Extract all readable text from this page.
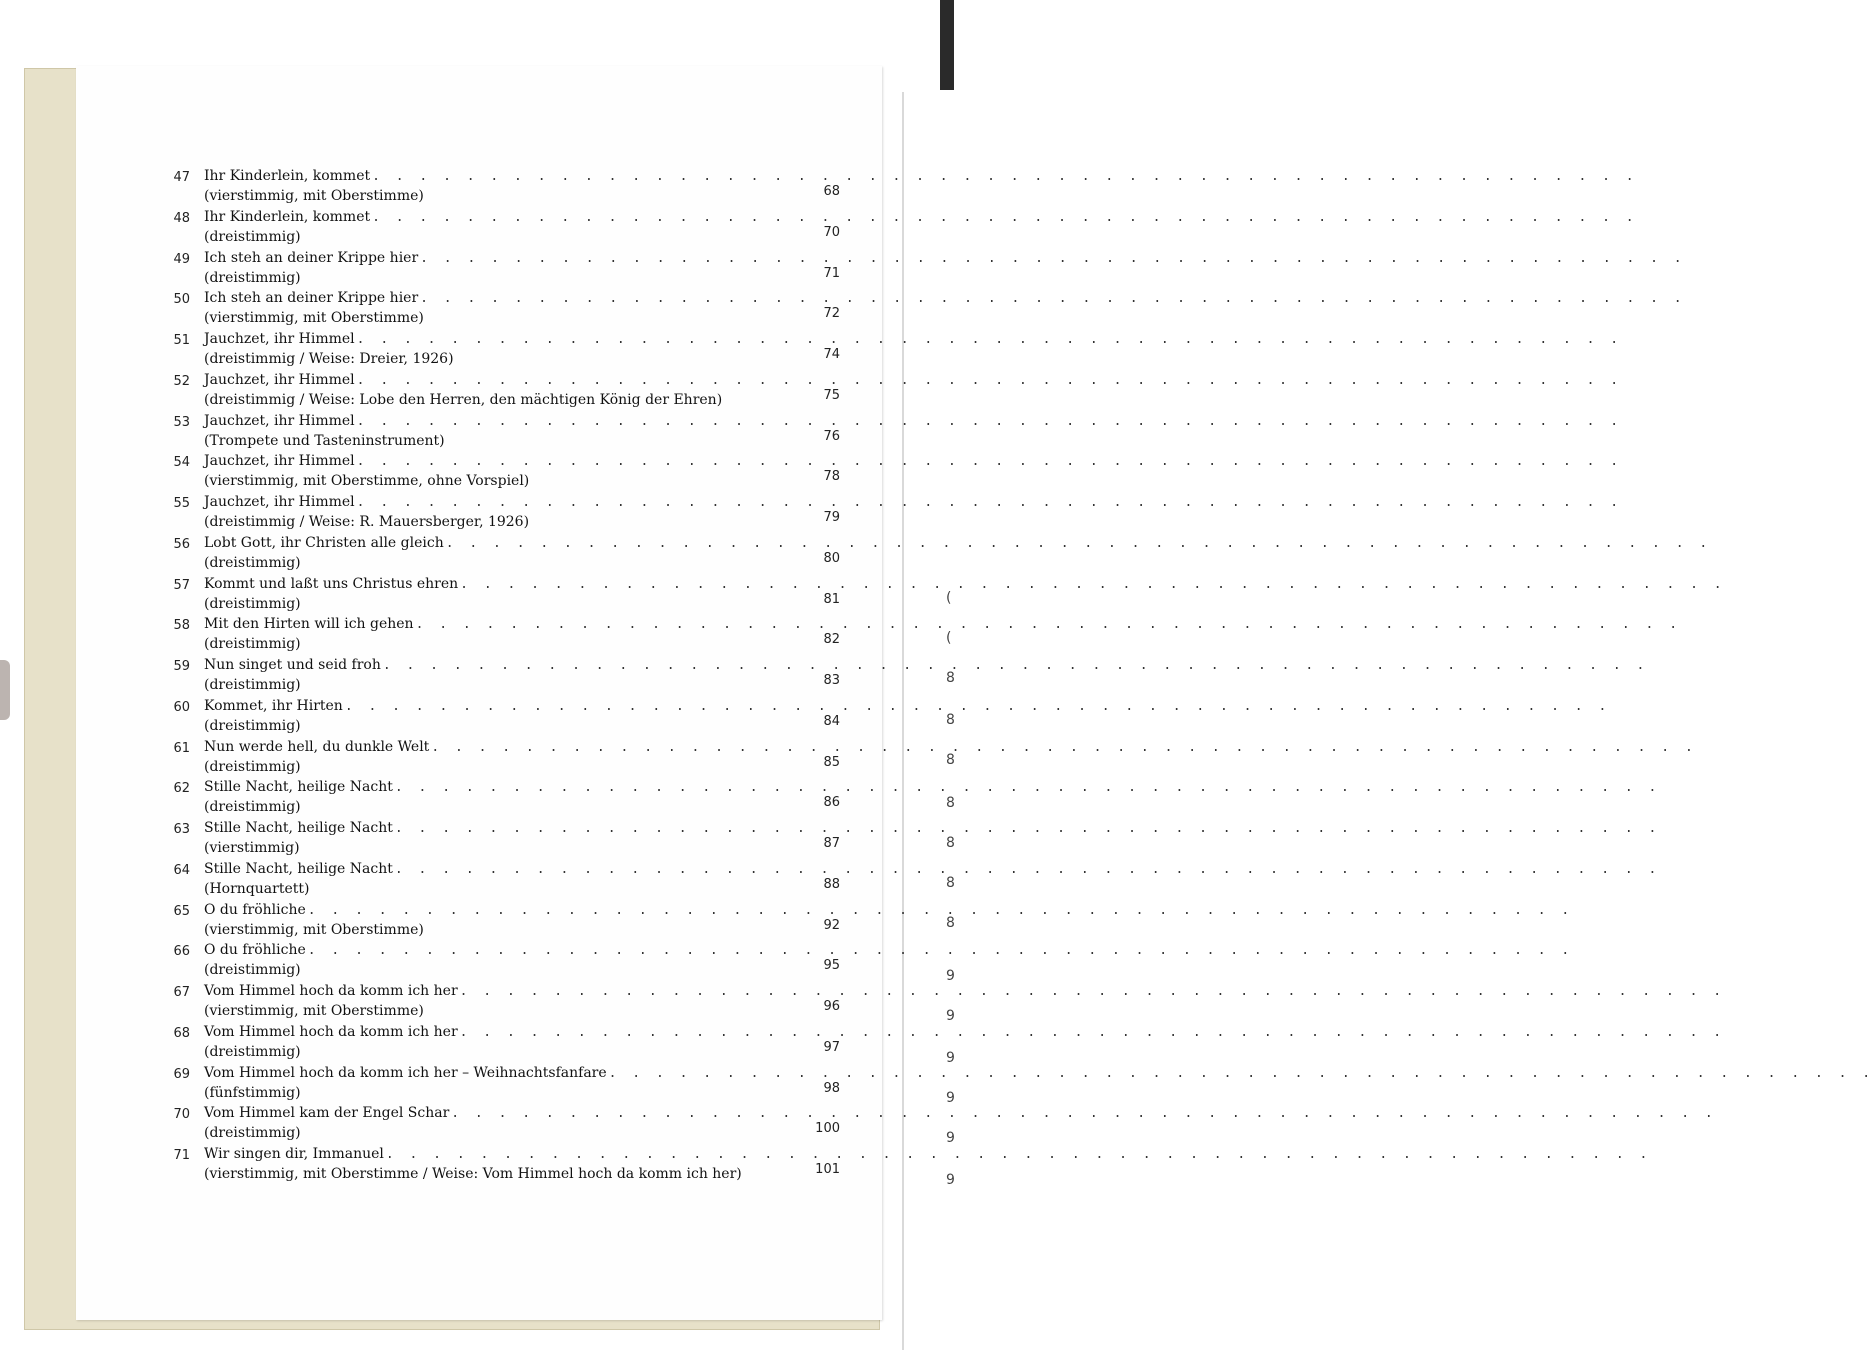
47 Ihr Kinderlein, kommet . . . . . . . . . . . . . . . . . . . . . . . . . . . . . . . . . . . . . . . . . . . . . . . . . . . . . .
(vierstimmig, mit Oberstimme)	68
48 Ihr Kinderlein, kommet . . . . . . . . . . . . . . . . . . . . . . . . . . . . . . . . . . . . . . . . . . . . . . . . . . . . . .
(dreistimmig)	70
49 Ich steh an deiner Krippe hier . . . . . . . . . . . . . . . . . . . . . . . . . . . . . . . . . . . . . . . . . . . . . . . . . . . . . .
(dreistimmig)	71
50 Ich steh an deiner Krippe hier . . . . . . . . . . . . . . . . . . . . . . . . . . . . . . . . . . . . . . . . . . . . . . . . . . . . . .
(vierstimmig, mit Oberstimme)	72
51 Jauchzet, ihr Himmel . . . . . . . . . . . . . . . . . . . . . . . . . . . . . . . . . . . . . . . . . . . . . . . . . . . . . .
(dreistimmig / Weise: Dreier, 1926)	74
52 Jauchzet, ihr Himmel . . . . . . . . . . . . . . . . . . . . . . . . . . . . . . . . . . . . . . . . . . . . . . . . . . . . . .
(dreistimmig / Weise: Lobe den Herren, den mächtigen König der Ehren)	75
53 Jauchzet, ihr Himmel . . . . . . . . . . . . . . . . . . . . . . . . . . . . . . . . . . . . . . . . . . . . . . . . . . . . . .
(Trompete und Tasteninstrument)	76
54 Jauchzet, ihr Himmel . . . . . . . . . . . . . . . . . . . . . . . . . . . . . . . . . . . . . . . . . . . . . . . . . . . . . .
(vierstimmig, mit Oberstimme, ohne Vorspiel)	78
55 Jauchzet, ihr Himmel . . . . . . . . . . . . . . . . . . . . . . . . . . . . . . . . . . . . . . . . . . . . . . . . . . . . . .
(dreistimmig / Weise: R. Mauersberger, 1926)	79
56 Lobt Gott, ihr Christen alle gleich . . . . . . . . . . . . . . . . . . . . . . . . . . . . . . . . . . . . . . . . . . . . . . . . . . . . . .
(dreistimmig)	80
57 Kommt und laßt uns Christus ehren . . . . . . . . . . . . . . . . . . . . . . . . . . . . . . . . . . . . . . . . . . . . . . . . . . . . . .
(dreistimmig)	81
58 Mit den Hirten will ich gehen . . . . . . . . . . . . . . . . . . . . . . . . . . . . . . . . . . . . . . . . . . . . . . . . . . . . . .
(dreistimmig)	82
59 Nun singet und seid froh . . . . . . . . . . . . . . . . . . . . . . . . . . . . . . . . . . . . . . . . . . . . . . . . . . . . . .
(dreistimmig)	83
60 Kommet, ihr Hirten . . . . . . . . . . . . . . . . . . . . . . . . . . . . . . . . . . . . . . . . . . . . . . . . . . . . . .
(dreistimmig)	84
61 Nun werde hell, du dunkle Welt . . . . . . . . . . . . . . . . . . . . . . . . . . . . . . . . . . . . . . . . . . . . . . . . . . . . . .
(dreistimmig)	85
62 Stille Nacht, heilige Nacht . . . . . . . . . . . . . . . . . . . . . . . . . . . . . . . . . . . . . . . . . . . . . . . . . . . . . .
(dreistimmig)	86
63 Stille Nacht, heilige Nacht . . . . . . . . . . . . . . . . . . . . . . . . . . . . . . . . . . . . . . . . . . . . . . . . . . . . . .
(vierstimmig)	87
64 Stille Nacht, heilige Nacht . . . . . . . . . . . . . . . . . . . . . . . . . . . . . . . . . . . . . . . . . . . . . . . . . . . . . .
(Hornquartett)	88
65 O du fröhliche . . . . . . . . . . . . . . . . . . . . . . . . . . . . . . . . . . . . . . . . . . . . . . . . . . . . . .
(vierstimmig, mit Oberstimme)	92
66 O du fröhliche . . . . . . . . . . . . . . . . . . . . . . . . . . . . . . . . . . . . . . . . . . . . . . . . . . . . . .
(dreistimmig)	95
67 Vom Himmel hoch da komm ich her . . . . . . . . . . . . . . . . . . . . . . . . . . . . . . . . . . . . . . . . . . . . . . . . . . . . . .
(vierstimmig, mit Oberstimme)	96
68 Vom Himmel hoch da komm ich her . . . . . . . . . . . . . . . . . . . . . . . . . . . . . . . . . . . . . . . . . . . . . . . . . . . . . .
(dreistimmig)	97
69 Vom Himmel hoch da komm ich her – Weihnachtsfanfare . . . . . . . . . . . . . . . . . . . . . . . . . . . . . . . . . . . . . . . . . . . . . . . . . . . . . .
(fünfstimmig)	98
70 Vom Himmel kam der Engel Schar . . . . . . . . . . . . . . . . . . . . . . . . . . . . . . . . . . . . . . . . . . . . . . . . . . . . . .
(dreistimmig)	100
71 Wir singen dir, Immanuel . . . . . . . . . . . . . . . . . . . . . . . . . . . . . . . . . . . . . . . . . . . . . . . . . . . . . .
(vierstimmig, mit Oberstimme / Weise: Vom Himmel hoch da komm ich her)	101
(
(
8
8
8
8
8
8
8
9
9
9
9
9
9
